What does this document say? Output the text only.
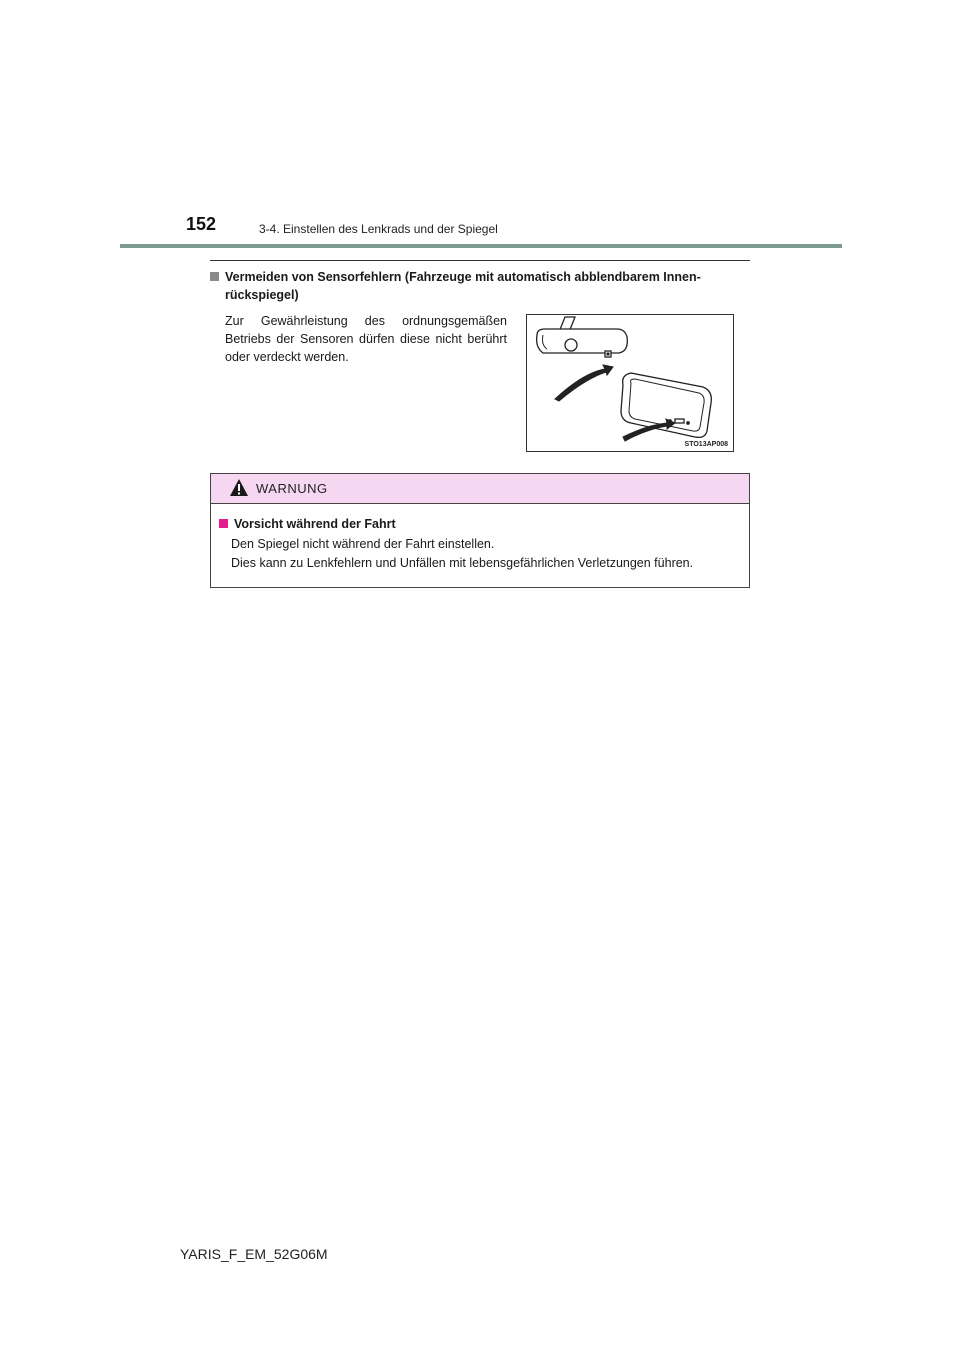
152	3-4. Einstellen des Lenkrads und der Spiegel
Vermeiden von Sensorfehlern (Fahrzeuge mit automatisch abblendbarem Innen-
rückspiegel)
Zur Gewährleistung des ordnungsgemäßen Betriebs der Sensoren dürfen diese nicht berührt oder verdeckt werden.
STO13AP008
WARNUNG
Vorsicht während der Fahrt
Den Spiegel nicht während der Fahrt einstellen.
Dies kann zu Lenkfehlern und Unfällen mit lebensgefährlichen Verletzungen führen.
YARIS_F_EM_52G06M
